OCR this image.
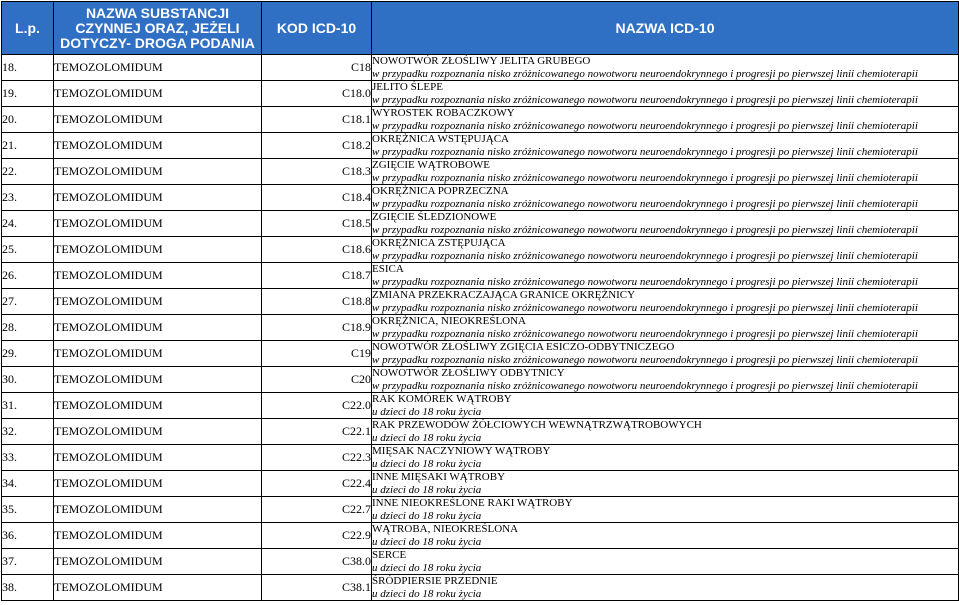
L.p.	NAZWA SUBSTANCJI
CZYNNEJ ORAZ, JEŻELI
DOTYCZY- DROGA PODANIA	KOD ICD-10	NAZWA ICD-10
18.	TEMOZOLOMIDUM	C18	NOWOTWÓR ZŁOŚLIWY JELITA GRUBEGO
w przypadku rozpoznania nisko zróżnicowanego nowotworu neuroendokrynnego i progresji po pierwszej linii chemioterapii

19.	TEMOZOLOMIDUM	C18.0	JELITO ŚLEPE
w przypadku rozpoznania nisko zróżnicowanego nowotworu neuroendokrynnego i progresji po pierwszej linii chemioterapii

20.	TEMOZOLOMIDUM	C18.1	WYROSTEK ROBACZKOWY
w przypadku rozpoznania nisko zróżnicowanego nowotworu neuroendokrynnego i progresji po pierwszej linii chemioterapii

21.	TEMOZOLOMIDUM	C18.2	OKRĘŻNICA WSTĘPUJĄCA
w przypadku rozpoznania nisko zróżnicowanego nowotworu neuroendokrynnego i progresji po pierwszej linii chemioterapii

22.	TEMOZOLOMIDUM	C18.3	ZGIĘCIE WĄTROBOWE
w przypadku rozpoznania nisko zróżnicowanego nowotworu neuroendokrynnego i progresji po pierwszej linii chemioterapii

23.	TEMOZOLOMIDUM	C18.4	OKRĘŻNICA POPRZECZNA
w przypadku rozpoznania nisko zróżnicowanego nowotworu neuroendokrynnego i progresji po pierwszej linii chemioterapii

24.	TEMOZOLOMIDUM	C18.5	ZGIĘCIE ŚLEDZIONOWE
w przypadku rozpoznania nisko zróżnicowanego nowotworu neuroendokrynnego i progresji po pierwszej linii chemioterapii

25.	TEMOZOLOMIDUM	C18.6	OKRĘŻNICA ZSTĘPUJĄCA
w przypadku rozpoznania nisko zróżnicowanego nowotworu neuroendokrynnego i progresji po pierwszej linii chemioterapii

26.	TEMOZOLOMIDUM	C18.7	ESICA
w przypadku rozpoznania nisko zróżnicowanego nowotworu neuroendokrynnego i progresji po pierwszej linii chemioterapii

27.	TEMOZOLOMIDUM	C18.8	ZMIANA PRZEKRACZAJĄCA GRANICE OKRĘŻNICY
w przypadku rozpoznania nisko zróżnicowanego nowotworu neuroendokrynnego i progresji po pierwszej linii chemioterapii

28.	TEMOZOLOMIDUM	C18.9	OKRĘŻNICA, NIEOKREŚLONA
w przypadku rozpoznania nisko zróżnicowanego nowotworu neuroendokrynnego i progresji po pierwszej linii chemioterapii

29.	TEMOZOLOMIDUM	C19	NOWOTWÓR ZŁOŚLIWY ZGIĘCIA ESICZO-ODBYTNICZEGO
w przypadku rozpoznania nisko zróżnicowanego nowotworu neuroendokrynnego i progresji po pierwszej linii chemioterapii

30.	TEMOZOLOMIDUM	C20	NOWOTWÓR ZŁOŚLIWY ODBYTNICY
w przypadku rozpoznania nisko zróżnicowanego nowotworu neuroendokrynnego i progresji po pierwszej linii chemioterapii

31.	TEMOZOLOMIDUM	C22.0	RAK KOMÓREK WĄTROBY
u dzieci do 18 roku życia

32.	TEMOZOLOMIDUM	C22.1	RAK PRZEWODÓW ŻÓŁCIOWYCH WEWNĄTRZWĄTROBOWYCH
u dzieci do 18 roku życia

33.	TEMOZOLOMIDUM	C22.3	MIĘSAK NACZYNIOWY WĄTROBY
u dzieci do 18 roku życia

34.	TEMOZOLOMIDUM	C22.4	INNE MIĘSAKI WĄTROBY
u dzieci do 18 roku życia

35.	TEMOZOLOMIDUM	C22.7	INNE NIEOKREŚLONE RAKI WĄTROBY
u dzieci do 18 roku życia

36.	TEMOZOLOMIDUM	C22.9	WĄTROBA, NIEOKREŚLONA
u dzieci do 18 roku życia

37.	TEMOZOLOMIDUM	C38.0	SERCE
u dzieci do 18 roku życia

38.	TEMOZOLOMIDUM	C38.1	ŚRÓDPIERSIE PRZEDNIE
u dzieci do 18 roku życia
